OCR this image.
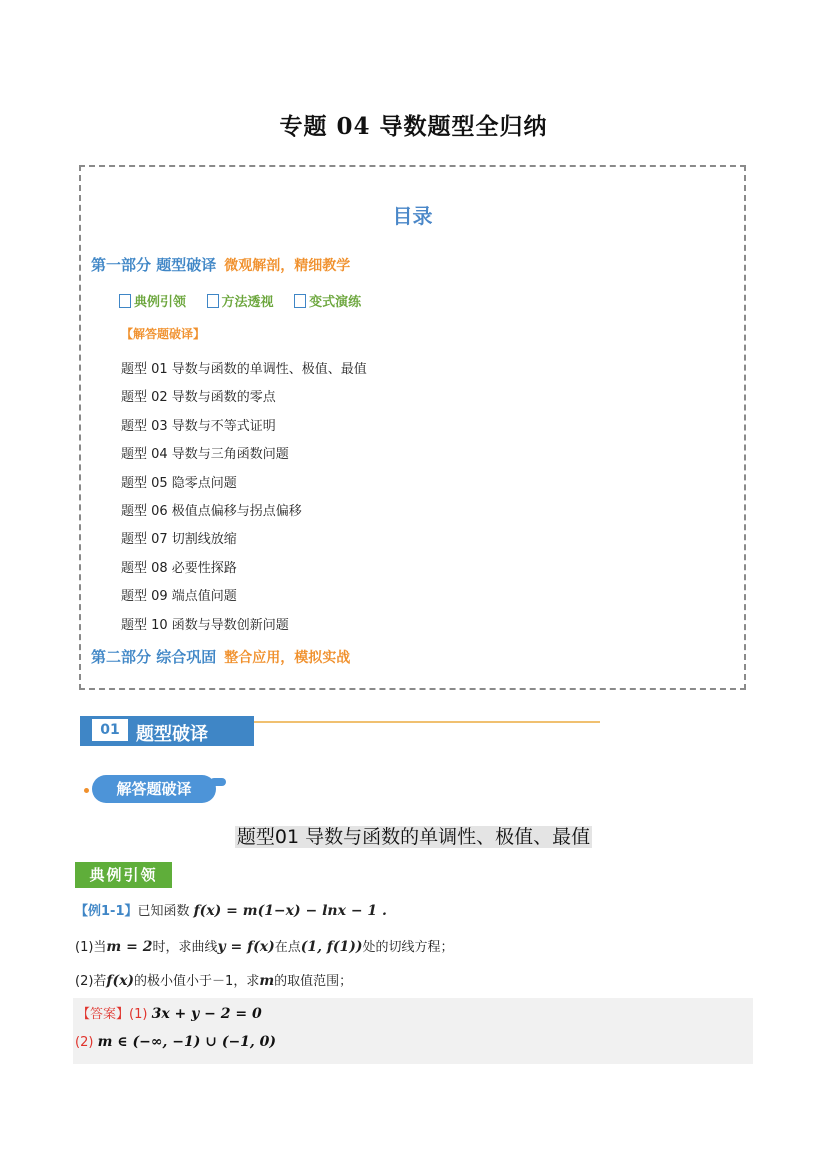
专题 04 导数题型全归纳
目录
第一部分 题型破译 微观解剖，精细教学
典例引领	方法透视	变式演练
【解答题破译】
题型 01 导数与函数的单调性、极值、最值
题型 02 导数与函数的零点
题型 03 导数与不等式证明
题型 04 导数与三角函数问题
题型 05 隐零点问题
题型 06 极值点偏移与拐点偏移
题型 07 切割线放缩
题型 08 必要性探路
题型 09 端点值问题
题型 10 函数与导数创新问题
第二部分 综合巩固 整合应用，模拟实战
01 题型破译
解答题破译
题型01 导数与函数的单调性、极值、最值
典例引领
【例1-1】已知函数 f(x) = m(1−x) − lnx − 1 .
(1)当m = 2时，求曲线y = f(x)在点(1, f(1))处的切线方程；
(2)若f(x)的极小值小于－1，求m的取值范围；
【答案】(1) 3x + y − 2 = 0
(2) m ∈ (−∞, −1) ∪ (−1, 0)
